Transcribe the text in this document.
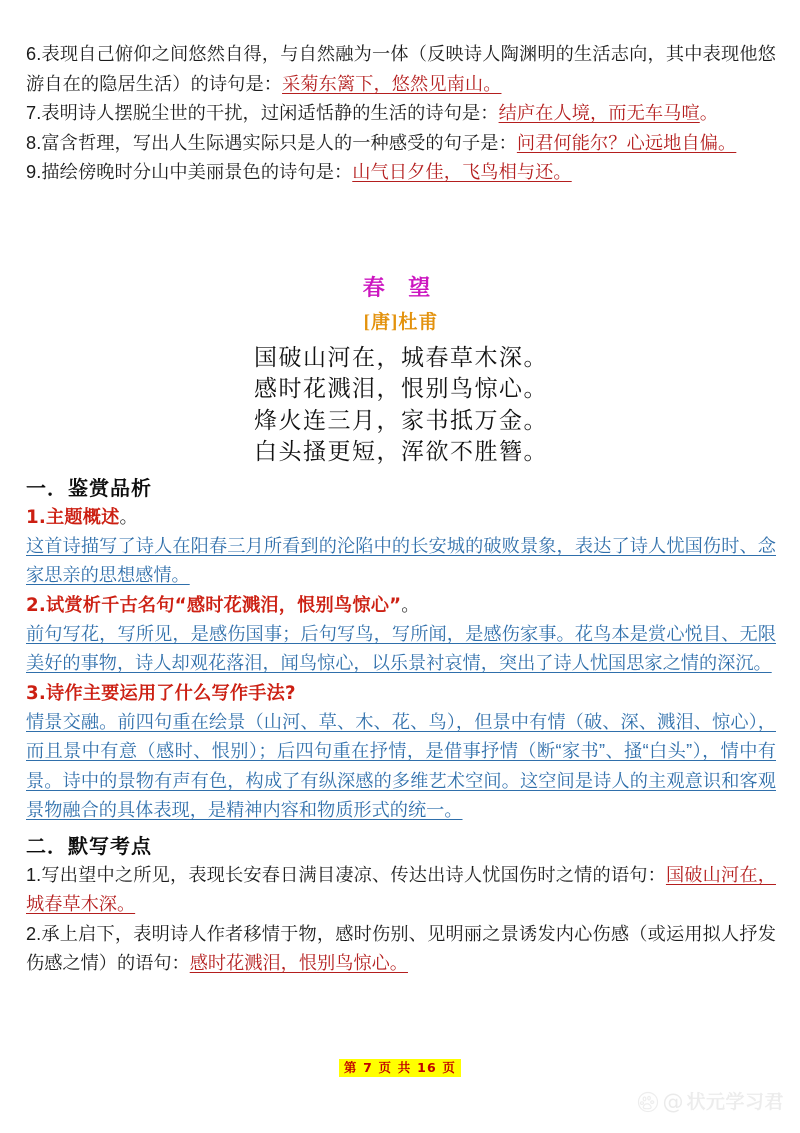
6.表现自己俯仰之间悠然自得，与自然融为一体（反映诗人陶渊明的生活志向，其中表现他悠游自在的隐居生活）的诗句是：采菊东篱下，悠然见南山。

7.表明诗人摆脱尘世的干扰，过闲适恬静的生活的诗句是：结庐在人境，而无车马喧。

8.富含哲理，写出人生际遇实际只是人的一种感受的句子是：问君何能尔？心远地自偏。

9.描绘傍晚时分山中美丽景色的诗句是：山气日夕佳，飞鸟相与还。

春 望

[唐]杜甫

国破山河在，城春草木深。

感时花溅泪，恨别鸟惊心。

烽火连三月，家书抵万金。

白头搔更短，浑欲不胜簪。

一．鉴赏品析

1.主题概述。

这首诗描写了诗人在阳春三月所看到的沦陷中的长安城的破败景象，表达了诗人忧国伤时、念家思亲的思想感情。

2.试赏析千古名句“感时花溅泪，恨别鸟惊心”。

前句写花，写所见，是感伤国事；后句写鸟，写所闻，是感伤家事。花鸟本是赏心悦目、无限美好的事物，诗人却观花落泪，闻鸟惊心，以乐景衬哀情，突出了诗人忧国思家之情的深沉。

3.诗作主要运用了什么写作手法?

情景交融。前四句重在绘景（山河、草、木、花、鸟），但景中有情（破、深、溅泪、惊心），而且景中有意（感时、恨别）；后四句重在抒情，是借事抒情（断“家书”、搔“白头”），情中有景。诗中的景物有声有色，构成了有纵深感的多维艺术空间。这空间是诗人的主观意识和客观景物融合的具体表现，是精神内容和物质形式的统一。

二．默写考点

1.写出望中之所见，表现长安春日满目凄凉、传达出诗人忧国伤时之情的语句：国破山河在，城春草木深。

2.承上启下，表明诗人作者移情于物，感时伤别、见明丽之景诱发内心伤感（或运用拟人抒发伤感之情）的语句：感时花溅泪，恨别鸟惊心。

第 7 页 共 16 页
@ 状元学习君
